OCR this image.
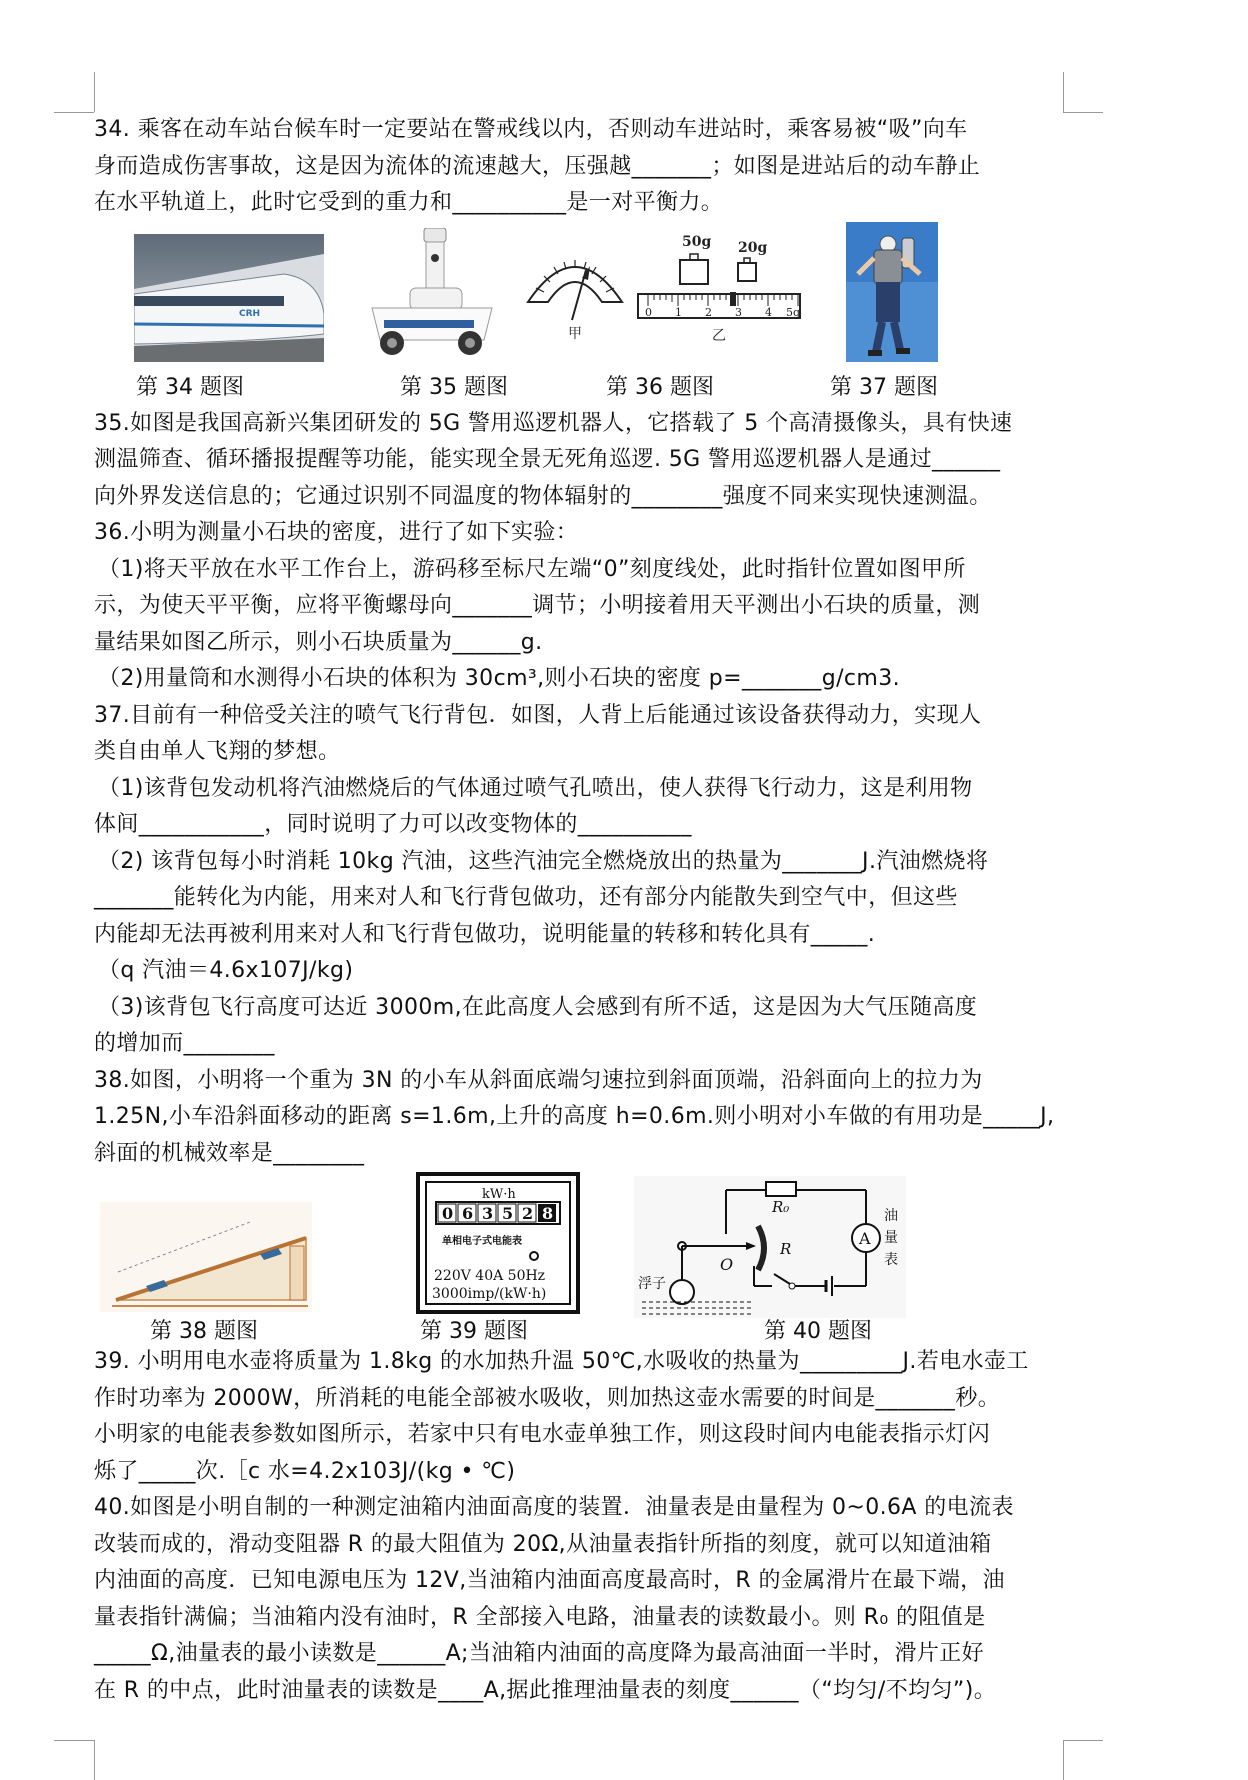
34. 乘客在动车站台候车时一定要站在警戒线以内，否则动车进站时，乘客易被“吸”向车
身而造成伤害事故，这是因为流体的流速越大，压强越_______；如图是进站后的动车静止
在水平轨道上，此时它受到的重力和__________是一对平衡力。
CRH
第 34 题图	第 35 题图
甲
50g 20g
0 1 2 3 4 5g
乙
第 36 题图	第 37 题图
35.如图是我国高新兴集团研发的 5G 警用巡逻机器人，它搭载了 5 个高清摄像头，具有快速
测温筛查、循环播报提醒等功能，能实现全景无死角巡逻. 5G 警用巡逻机器人是通过______
向外界发送信息的；它通过识别不同温度的物体辐射的________强度不同来实现快速测温。
36.小明为测量小石块的密度，进行了如下实验：
（1)将天平放在水平工作台上，游码移至标尺左端“0”刻度线处，此时指针位置如图甲所
示，为使天平平衡，应将平衡螺母向_______调节；小明接着用天平测出小石块的质量，测
量结果如图乙所示，则小石块质量为______g.
（2)用量筒和水测得小石块的体积为 30cm³,则小石块的密度 p=_______g/cm3.
37.目前有一种倍受关注的喷气飞行背包．如图，人背上后能通过该设备获得动力，实现人
类自由单人飞翔的梦想。
（1)该背包发动机将汽油燃烧后的气体通过喷气孔喷出，使人获得飞行动力，这是利用物
体间___________，同时说明了力可以改变物体的__________
（2) 该背包每小时消耗 10kg 汽油，这些汽油完全燃烧放出的热量为_______J.汽油燃烧将
_______能转化为内能，用来对人和飞行背包做功，还有部分内能散失到空气中，但这些
内能却无法再被利用来对人和飞行背包做功，说明能量的转移和转化具有_____.
（q 汽油＝4.6x107J/kg)
（3)该背包飞行高度可达近 3000m,在此高度人会感到有所不适，这是因为大气压随高度
的增加而________
38.如图，小明将一个重为 3N 的小车从斜面底端匀速拉到斜面顶端，沿斜面向上的拉力为
1.25N,小车沿斜面移动的距离 s=1.6m,上升的高度 h=0.6m.则小明对小车做的有用功是_____J,
斜面的机械效率是________
第 38 题图
kW·h
0 6 3 5 2 8
单相电子式电能表
220V 40A 50Hz
3000imp/(kW·h)
第 39 题图
A
R₀
R
O
浮子
油
量
表
第 40 题图
39. 小明用电水壶将质量为 1.8kg 的水加热升温 50℃,水吸收的热量为_________J.若电水壶工
作时功率为 2000W，所消耗的电能全部被水吸收，则加热这壶水需要的时间是_______秒。
小明家的电能表参数如图所示，若家中只有电水壶单独工作，则这段时间内电能表指示灯闪
烁了_____次.［c 水=4.2x103J/(kg • ℃)
40.如图是小明自制的一种测定油箱内油面高度的装置．油量表是由量程为 0~0.6A 的电流表
改装而成的，滑动变阻器 R 的最大阻值为 20Ω,从油量表指针所指的刻度，就可以知道油箱
内油面的高度．已知电源电压为 12V,当油箱内油面高度最高时，R 的金属滑片在最下端，油
量表指针满偏；当油箱内没有油时，R 全部接入电路，油量表的读数最小。则 R₀ 的阻值是
_____Ω,油量表的最小读数是______A;当油箱内油面的高度降为最高油面一半时，滑片正好
在 R 的中点，此时油量表的读数是____A,据此推理油量表的刻度______（“均匀/不均匀”)。
